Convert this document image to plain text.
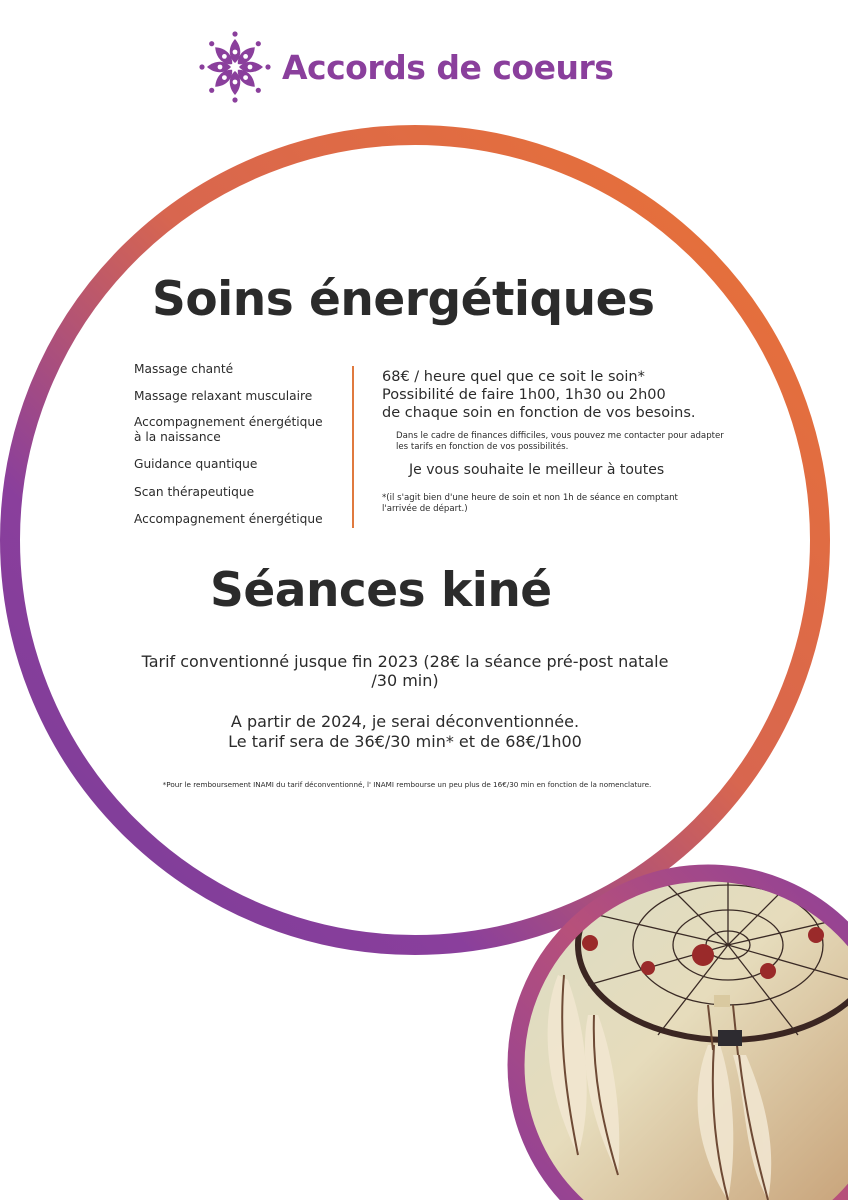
Accords de coeurs
Soins énergétiques
Massage chanté
Massage relaxant musculaire
Accompagnement énergétique
à la naissance
Guidance quantique
Scan thérapeutique
Accompagnement énergétique
68€ / heure quel que ce soit le soin*
Possibilité de faire 1h00, 1h30 ou 2h00
de chaque soin en fonction de vos besoins.

Dans le cadre de finances difficiles, vous pouvez me contacter pour adapter les tarifs en fonction de vos possibilités.

Je vous souhaite le meilleur à toutes

*(il s'agit bien d'une heure de soin et non 1h de séance en comptant l'arrivée de départ.)

Séances kiné

Tarif conventionné jusque fin 2023 (28€ la séance pré-post natale /30 min)

A partir de 2024, je serai déconventionnée.

Le tarif sera de 36€/30 min* et de 68€/1h00

*Pour le remboursement INAMI du tarif déconventionné, l' INAMI rembourse un peu plus de 16€/30 min en fonction de la nomenclature.
